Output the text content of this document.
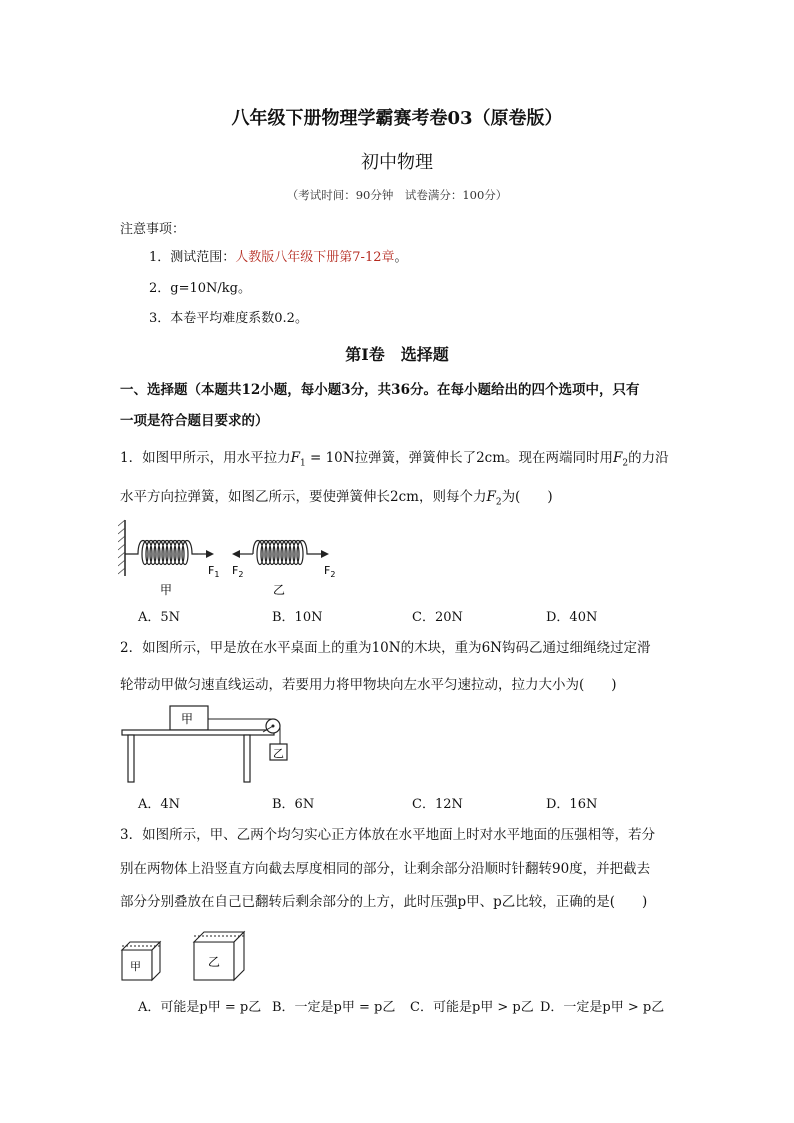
八年级下册物理学霸赛考卷03（原卷版）
初中物理
（考试时间：90分钟　试卷满分：100分）
注意事项：
1．测试范围：人教版八年级下册第7-12章。
2．g=10N/kg。
3．本卷平均难度系数0.2。
第Ⅰ卷　选择题
一、选择题（本题共12小题，每小题3分，共36分。在每小题给出的四个选项中，只有
一项是符合题目要求的）
1．如图甲所示，用水平拉力$F_1 = 10N$拉弹簧，弹簧伸长了2cm。现在两端同时用$F_2$的力沿
水平方向拉弹簧，如图乙所示，要使弹簧伸长2cm，则每个力$F_2$为(　　)
$F_1$ $F_2$	$F_2$
甲	乙
A．5N	B．10N	C．20N	D．40N
2．如图所示，甲是放在水平桌面上的重为10N的木块，重为6N钩码乙通过细绳绕过定滑
轮带动甲做匀速直线运动，若要用力将甲物块向左水平匀速拉动，拉力大小为(　　)
甲
乙
A．4N	B．6N	C．12N	D．16N
3．如图所示，甲、乙两个均匀实心正方体放在水平地面上时对水平地面的压强相等，若分
别在两物体上沿竖直方向截去厚度相同的部分，让剩余部分沿顺时针翻转90度，并把截去
部分分别叠放在自己已翻转后剩余部分的上方，此时压强p甲、p乙比较，正确的是(　　)
甲	乙
A．可能是p甲 = p乙 B．一定是p甲 = p乙 C．可能是p甲 > p乙 D．一定是p甲 > p乙
